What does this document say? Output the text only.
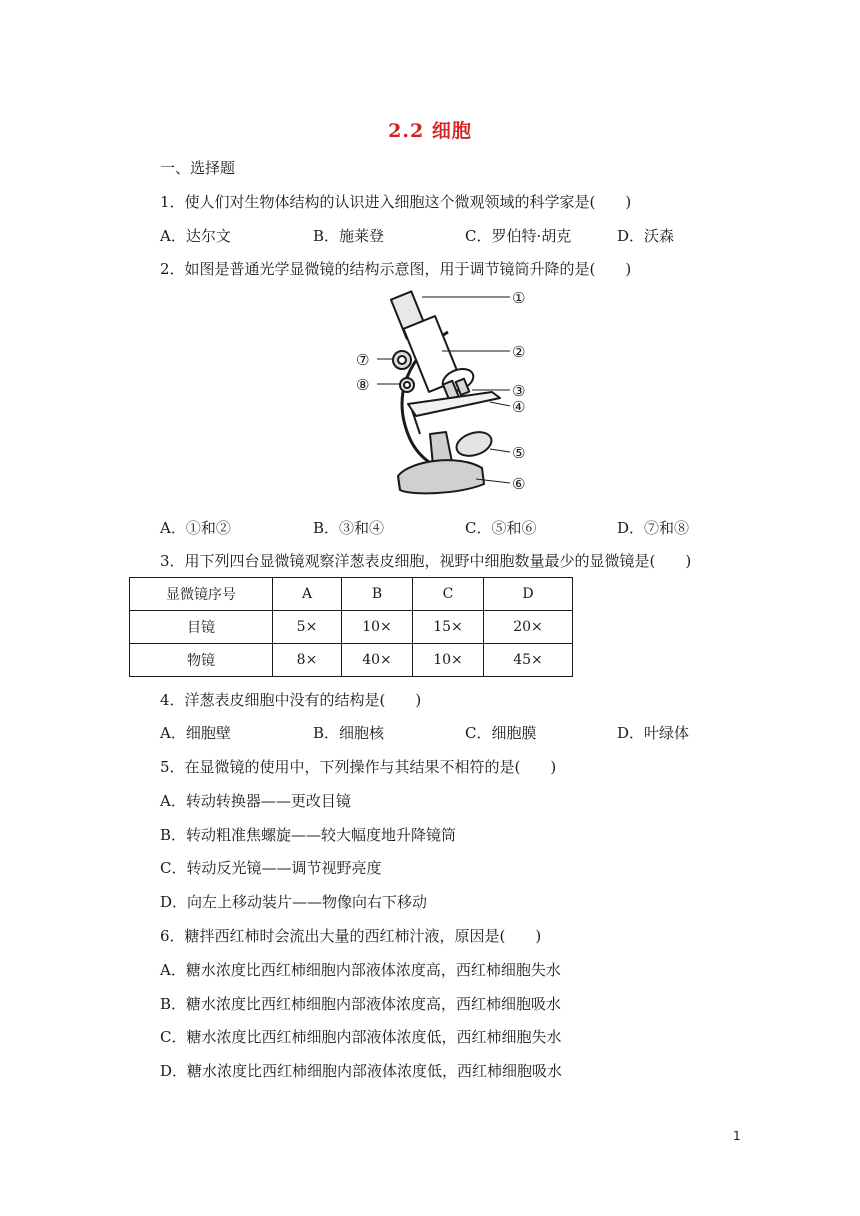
2.2 细胞
一、选择题
1．使人们对生物体结构的认识进入细胞这个微观领域的科学家是(　　)
A．达尔文	B．施莱登	C．罗伯特·胡克	D．沃森
2．如图是普通光学显微镜的结构示意图，用于调节镜筒升降的是(　　)
①
②
③
④
⑤
⑥
⑦
⑧
A．①和②	B．③和④	C．⑤和⑥	D．⑦和⑧
3．用下列四台显微镜观察洋葱表皮细胞，视野中细胞数量最少的显微镜是(　　)
显微镜序号	A	B	C	D
目镜	5×	10×	15×	20×
物镜	8×	40×	10×	45×
4．洋葱表皮细胞中没有的结构是(　　)
A．细胞壁	B．细胞核	C．细胞膜	D．叶绿体
5．在显微镜的使用中，下列操作与其结果不相符的是(　　)
A．转动转换器——更改目镜
B．转动粗准焦螺旋——较大幅度地升降镜筒
C．转动反光镜——调节视野亮度
D．向左上移动装片——物像向右下移动
6．糖拌西红柿时会流出大量的西红柿汁液，原因是(　　)
A．糖水浓度比西红柿细胞内部液体浓度高，西红柿细胞失水
B．糖水浓度比西红柿细胞内部液体浓度高，西红柿细胞吸水
C．糖水浓度比西红柿细胞内部液体浓度低，西红柿细胞失水
D．糖水浓度比西红柿细胞内部液体浓度低，西红柿细胞吸水
1
